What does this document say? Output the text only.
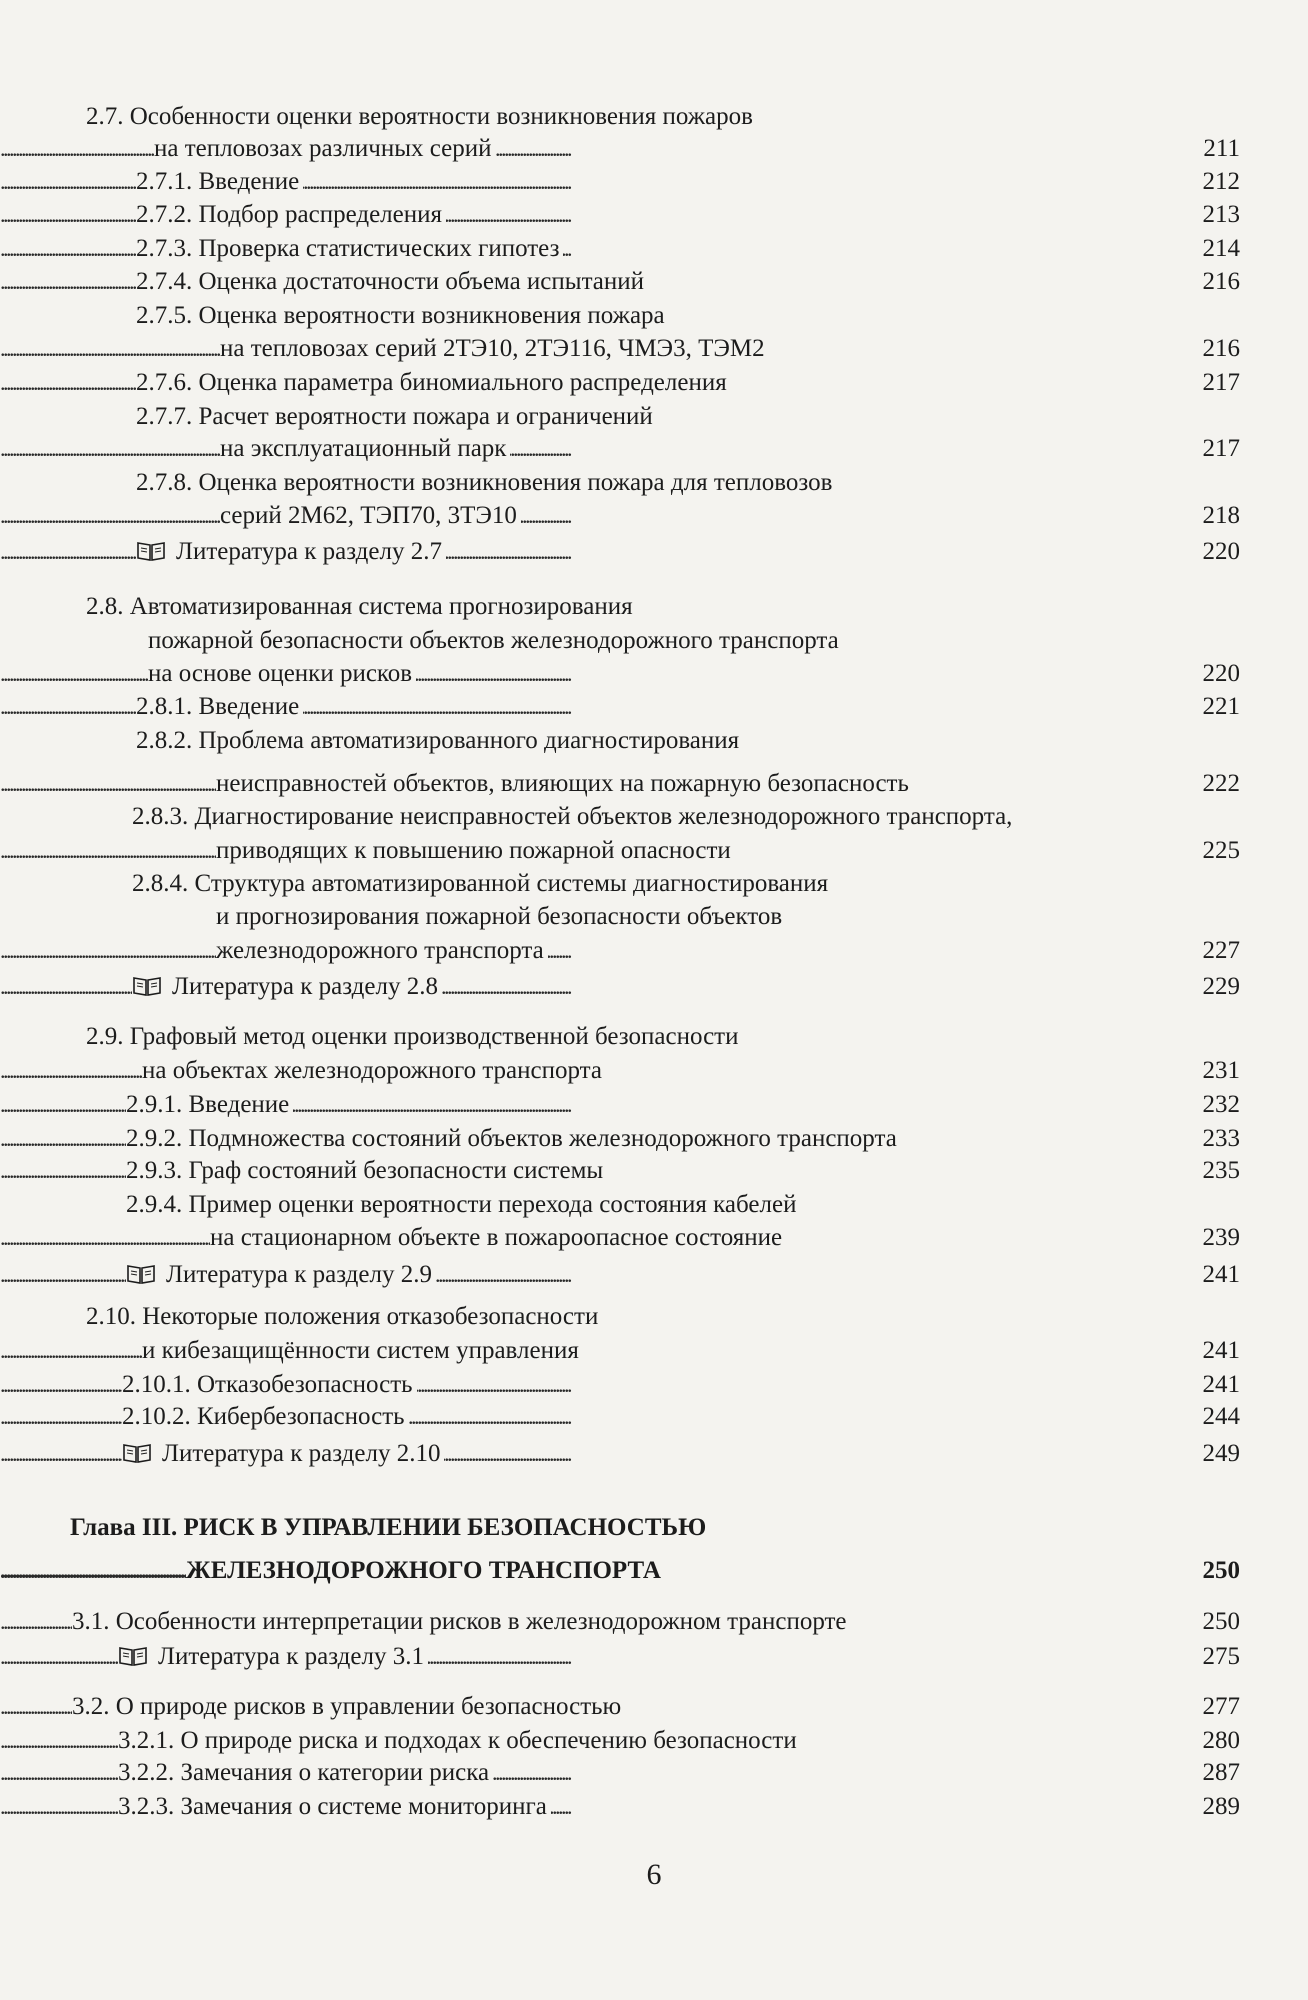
2.7. Особенности оценки вероятности возникновения пожаров
. . .
на тепловозах различных серий	211
. . .
2.7.1. Введение	212
. . .
2.7.2. Подбор распределения	213
. . .
2.7.3. Проверка статистических гипотез	214
. . .
2.7.4. Оценка достаточности объема испытаний	216
2.7.5. Оценка вероятности возникновения пожара
. . .
на тепловозах серий 2ТЭ10, 2ТЭ116, ЧМЭ3, ТЭМ2	216
. . .
2.7.6. Оценка параметра биномиального распределения	217
2.7.7. Расчет вероятности пожара и ограничений
. . .
на эксплуатационный парк	217
2.7.8. Оценка вероятности возникновения пожара для тепловозов
. . .
серий 2М62, ТЭП70, 3ТЭ10	218
. . .
Литература к разделу 2.7	220
2.8. Автоматизированная система прогнозирования
пожарной безопасности объектов железнодорожного транспорта
. . .
на основе оценки рисков	220
. . .
2.8.1. Введение	221
2.8.2. Проблема автоматизированного диагностирования
. . .
неисправностей объектов, влияющих на пожарную безопасность	222
2.8.3. Диагностирование неисправностей объектов железнодорожного транспорта,
. . .
приводящих к повышению пожарной опасности	225
2.8.4. Структура автоматизированной системы диагностирования
и прогнозирования пожарной безопасности объектов
. . .
железнодорожного транспорта	227
. . .
Литература к разделу 2.8	229
2.9. Графовый метод оценки производственной безопасности
. . .
на объектах железнодорожного транспорта	231
. . .
2.9.1. Введение	232
. . .
2.9.2. Подмножества состояний объектов железнодорожного транспорта	233
. . .
2.9.3. Граф состояний безопасности системы	235
2.9.4. Пример оценки вероятности перехода состояния кабелей
. . .
на стационарном объекте в пожароопасное состояние	239
. . .
Литература к разделу 2.9	241
2.10. Некоторые положения отказобезопасности
. . .
и кибезащищённости систем управления	241
. . .
2.10.1. Отказобезопасность	241
. . .
2.10.2. Кибербезопасность	244
. . .
Литература к разделу 2.10	249
Глава III. РИСК В УПРАВЛЕНИИ БЕЗОПАСНОСТЬЮ
. . .
ЖЕЛЕЗНОДОРОЖНОГО ТРАНСПОРТА	250
. . .
3.1. Особенности интерпретации рисков в железнодорожном транспорте	250
. . .
Литература к разделу 3.1	275
. . .
3.2. О природе рисков в управлении безопасностью	277
. . .
3.2.1. О природе риска и подходах к обеспечению безопасности	280
. . .
3.2.2. Замечания о категории риска	287
. . .
3.2.3. Замечания о системе мониторинга	289
6
